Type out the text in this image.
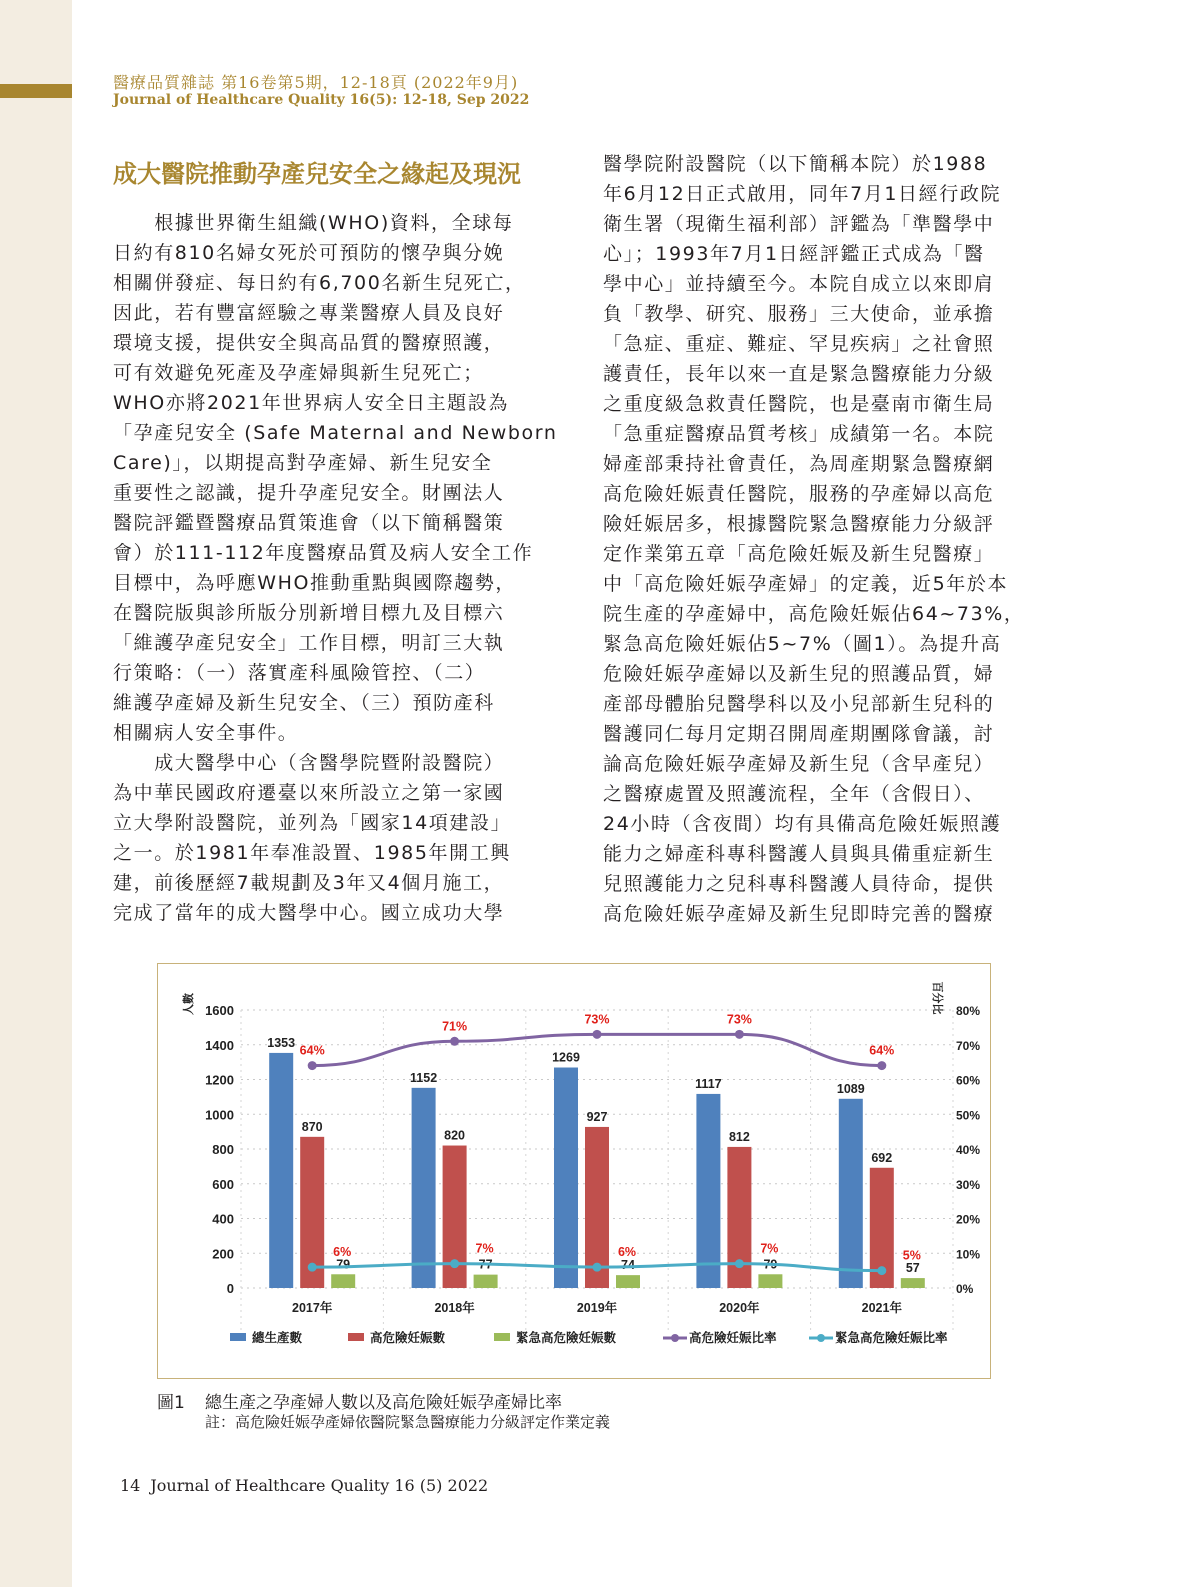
醫療品質雜誌 第16卷第5期，12-18頁 (2022年9月)
Journal of Healthcare Quality 16(5): 12-18, Sep 2022
成大醫院推動孕產兒安全之緣起及現況

　　根據世界衛生組織(WHO)資料，全球每

日約有810名婦女死於可預防的懷孕與分娩

相關併發症、每日約有6,700名新生兒死亡，

因此，若有豐富經驗之專業醫療人員及良好

環境支援，提供安全與高品質的醫療照護，

可有效避免死產及孕產婦與新生兒死亡；

WHO亦將2021年世界病人安全日主題設為

「孕產兒安全 (Safe Maternal and Newborn

Care)」，以期提高對孕產婦、新生兒安全

重要性之認識，提升孕產兒安全。財團法人

醫院評鑑暨醫療品質策進會（以下簡稱醫策

會）於111-112年度醫療品質及病人安全工作

目標中，為呼應WHO推動重點與國際趨勢，

在醫院版與診所版分別新增目標九及目標六

「維護孕產兒安全」工作目標，明訂三大執

行策略：（一）落實產科風險管控、（二）

維護孕產婦及新生兒安全、（三）預防產科

相關病人安全事件。

　　成大醫學中心（含醫學院暨附設醫院）

為中華民國政府遷臺以來所設立之第一家國

立大學附設醫院，並列為「國家14項建設」

之一。於1981年奉准設置、1985年開工興

建，前後歷經7載規劃及3年又4個月施工，

完成了當年的成大醫學中心。國立成功大學

醫學院附設醫院（以下簡稱本院）於1988

年6月12日正式啟用，同年7月1日經行政院

衛生署（現衛生福利部）評鑑為「準醫學中

心」；1993年7月1日經評鑑正式成為「醫

學中心」並持續至今。本院自成立以來即肩

負「教學、研究、服務」三大使命，並承擔

「急症、重症、難症、罕見疾病」之社會照

護責任，長年以來一直是緊急醫療能力分級

之重度級急救責任醫院，也是臺南市衛生局

「急重症醫療品質考核」成績第一名。本院

婦產部秉持社會責任，為周產期緊急醫療網

高危險妊娠責任醫院，服務的孕產婦以高危

險妊娠居多，根據醫院緊急醫療能力分級評

定作業第五章「高危險妊娠及新生兒醫療」

中「高危險妊娠孕產婦」的定義，近5年於本

院生產的孕產婦中，高危險妊娠佔64~73%，

緊急高危險妊娠佔5~7%（圖1）。為提升高

危險妊娠孕產婦以及新生兒的照護品質，婦

產部母體胎兒醫學科以及小兒部新生兒科的

醫護同仁每月定期召開周產期團隊會議，討

論高危險妊娠孕產婦及新生兒（含早產兒）

之醫療處置及照護流程，全年（含假日）、

24小時（含夜間）均有具備高危險妊娠照護

能力之婦產科專科醫護人員與具備重症新生

兒照護能力之兒科專科醫護人員待命，提供

高危險妊娠孕產婦及新生兒即時完善的醫療

0
200
400
600
800
1000
1200
1400
1600
0%
10%
20%
30%
40%
50%
60%
70%
80%
人數	百分比
1353
1152
1269
1117	1089
870
820
927
812
692
79	77	74	79	57
2017年	2018年	2019年	2020年	2021年
64%
71%	73%	73%
64%
6%	7%	6%	7%	5%
總生產數	高危險妊娠數	緊急高危險妊娠數	高危險妊娠比率	緊急高危險妊娠比率
圖1 總生產之孕產婦人數以及高危險妊娠孕產婦比率
註：高危險妊娠孕產婦依醫院緊急醫療能力分級評定作業定義
14 Journal of Healthcare Quality 16 (5) 2022
